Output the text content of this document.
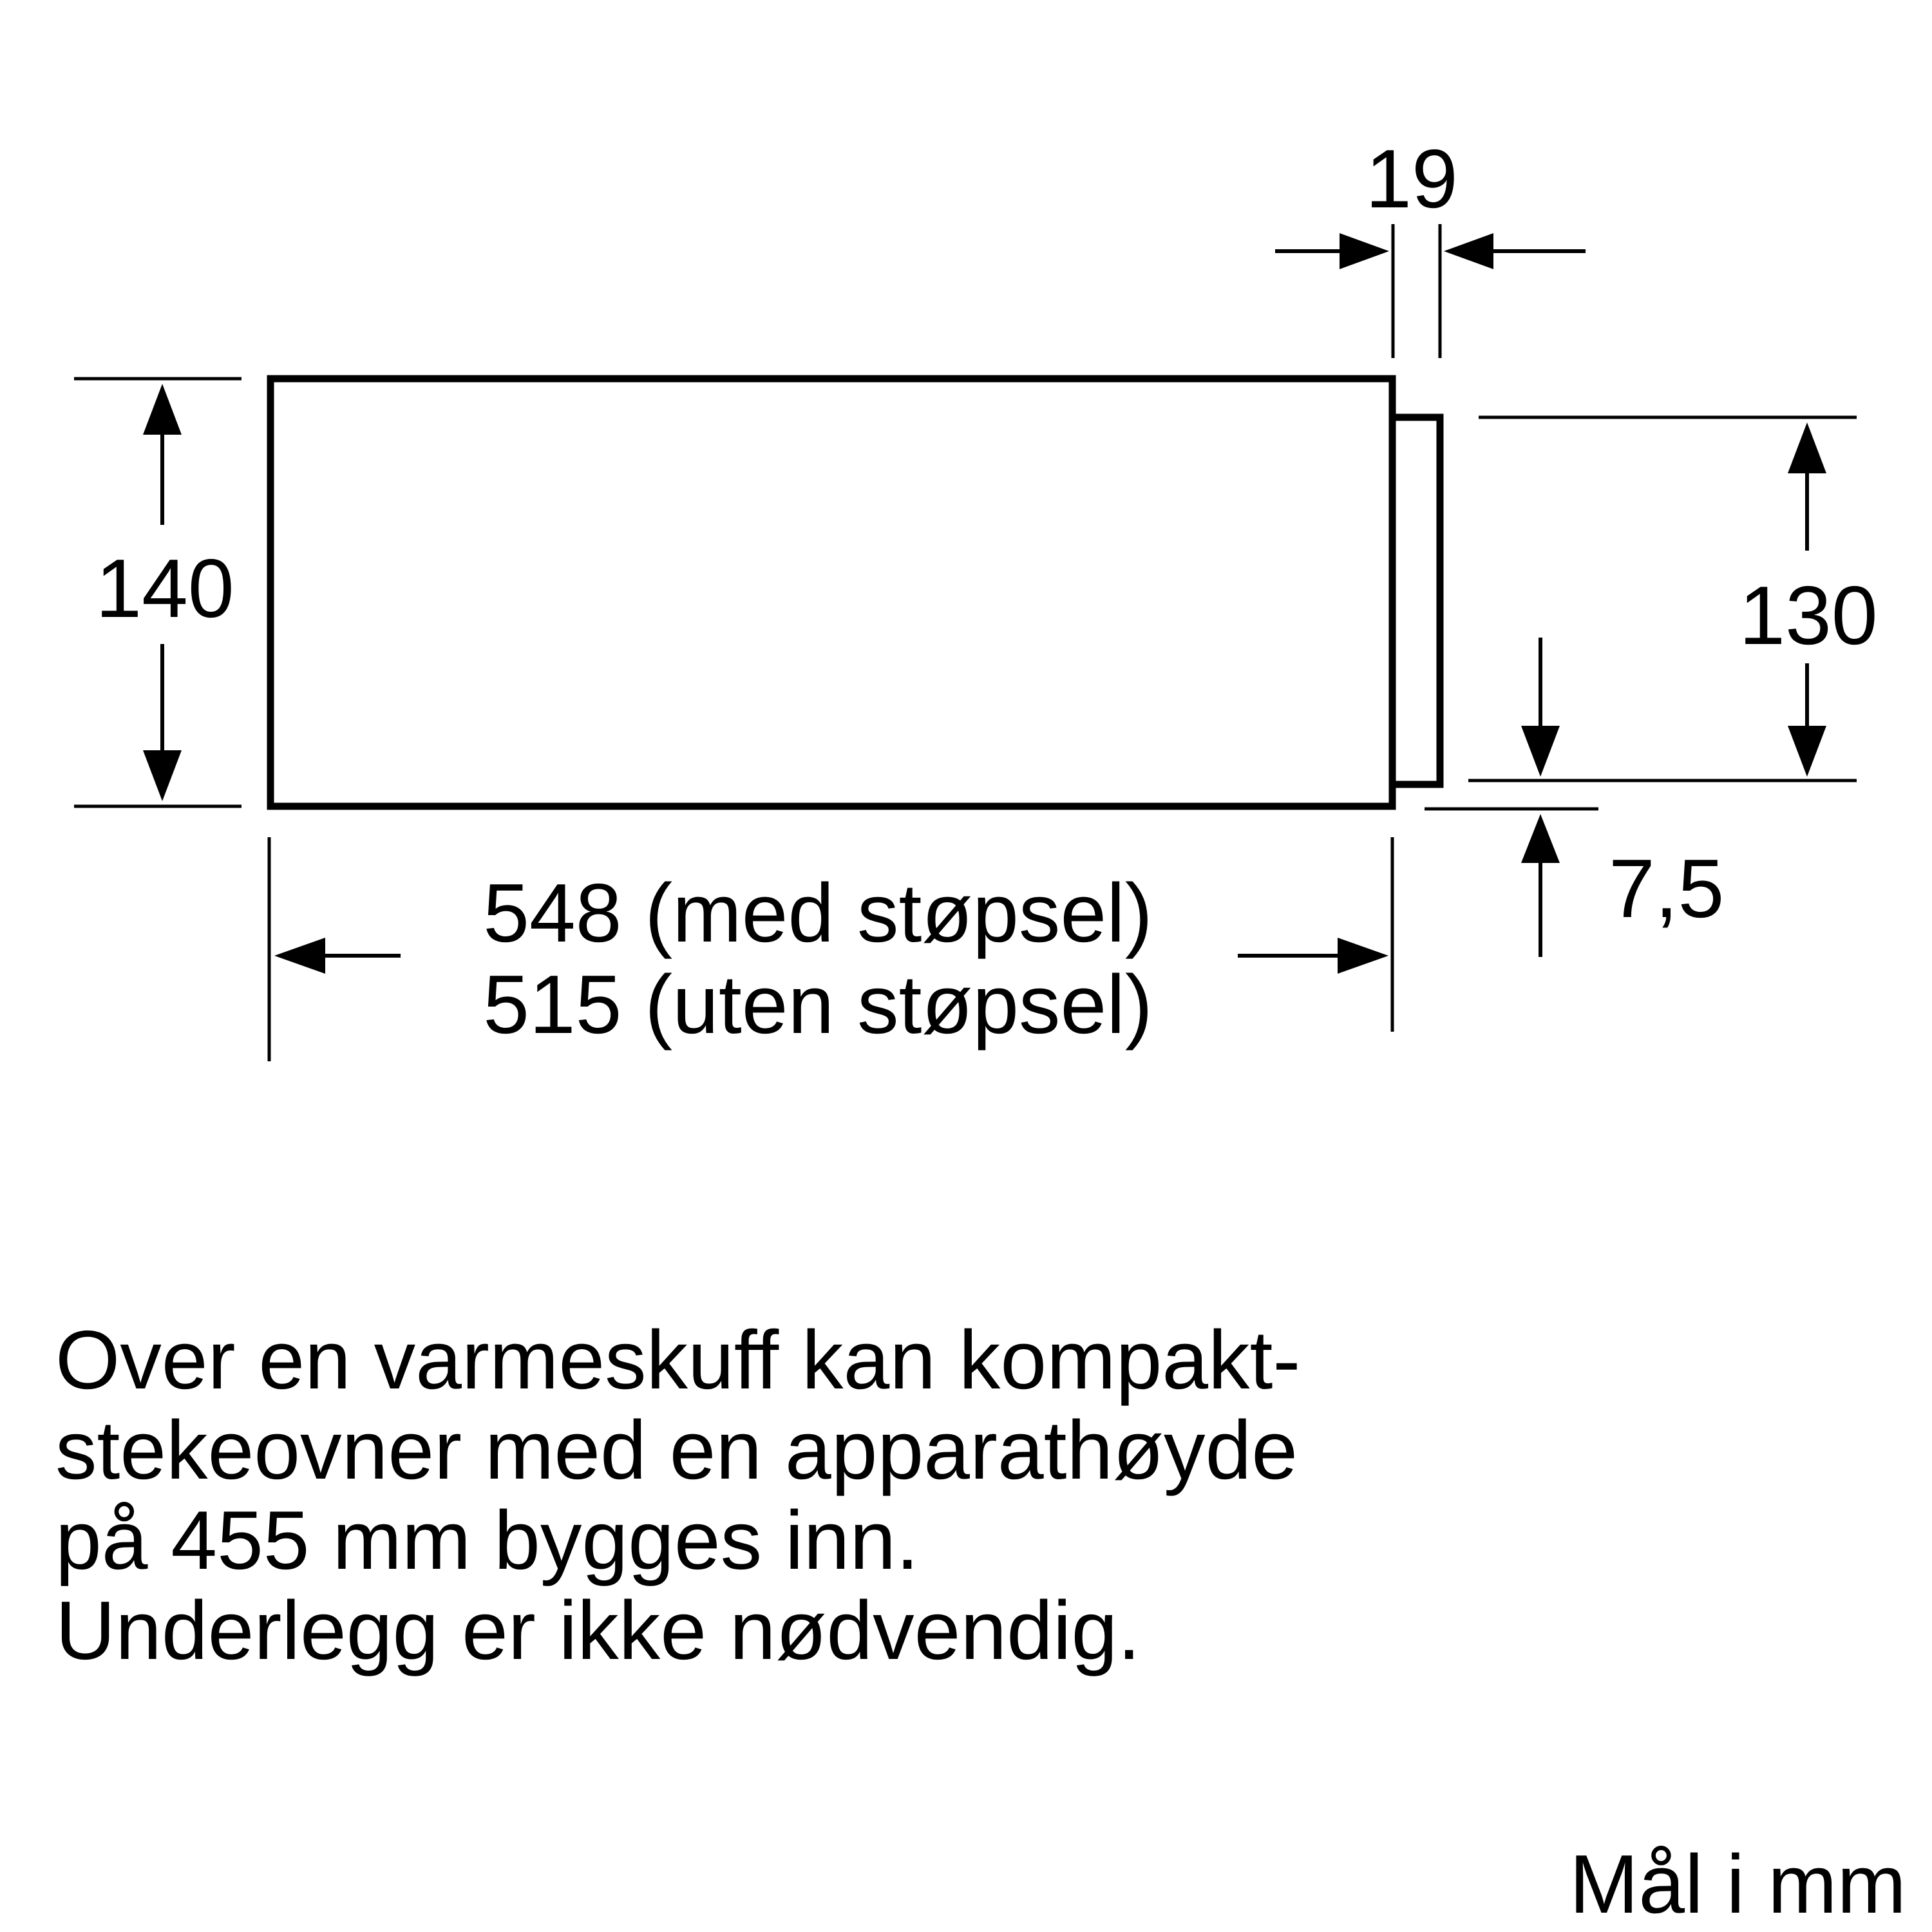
140
19
130
7,5
548 (med støpsel)
515 (uten støpsel)
Over en varmeskuff kan kompakt-
stekeovner med en apparathøyde
på 455 mm bygges inn.
Underlegg er ikke nødvendig.
Mål i mm
